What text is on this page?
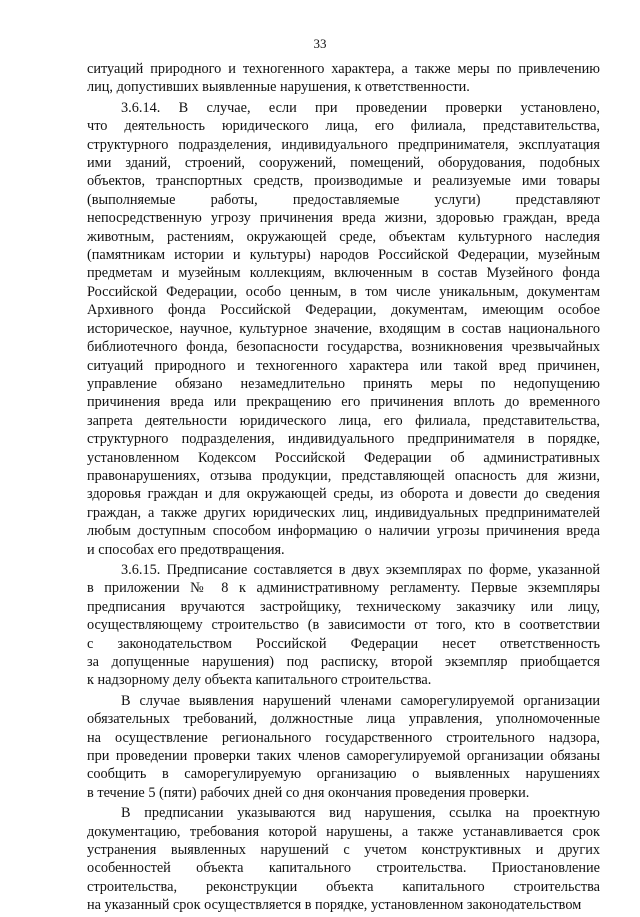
33
ситуаций природного и техногенного характера, а также меры по привлечению
лиц, допустивших выявленные нарушения, к ответственности.
3.6.14. В случае, если при проведении проверки установлено,
что деятельность юридического лица, его филиала, представительства,
структурного подразделения, индивидуального предпринимателя, эксплуатация
ими зданий, строений, сооружений, помещений, оборудования, подобных
объектов, транспортных средств, производимые и реализуемые ими товары
(выполняемые работы, предоставляемые услуги) представляют
непосредственную угрозу причинения вреда жизни, здоровью граждан, вреда
животным, растениям, окружающей среде, объектам культурного наследия
(памятникам истории и культуры) народов Российской Федерации, музейным
предметам и музейным коллекциям, включенным в состав Музейного фонда
Российской Федерации, особо ценным, в том числе уникальным, документам
Архивного фонда Российской Федерации, документам, имеющим особое
историческое, научное, культурное значение, входящим в состав национального
библиотечного фонда, безопасности государства, возникновения чрезвычайных
ситуаций природного и техногенного характера или такой вред причинен,
управление обязано незамедлительно принять меры по недопущению
причинения вреда или прекращению его причинения вплоть до временного
запрета деятельности юридического лица, его филиала, представительства,
структурного подразделения, индивидуального предпринимателя в порядке,
установленном Кодексом Российской Федерации об административных
правонарушениях, отзыва продукции, представляющей опасность для жизни,
здоровья граждан и для окружающей среды, из оборота и довести до сведения
граждан, а также других юридических лиц, индивидуальных предпринимателей
любым доступным способом информацию о наличии угрозы причинения вреда
и способах его предотвращения.
3.6.15. Предписание составляется в двух экземплярах по форме, указанной
в приложении № 8 к административному регламенту. Первые экземпляры
предписания вручаются застройщику, техническому заказчику или лицу,
осуществляющему строительство (в зависимости от того, кто в соответствии
с законодательством Российской Федерации несет ответственность
за допущенные нарушения) под расписку, второй экземпляр приобщается
к надзорному делу объекта капитального строительства.
В случае выявления нарушений членами саморегулируемой организации
обязательных требований, должностные лица управления, уполномоченные
на осуществление регионального государственного строительного надзора,
при проведении проверки таких членов саморегулируемой организации обязаны
сообщить в саморегулируемую организацию о выявленных нарушениях
в течение 5 (пяти) рабочих дней со дня окончания проведения проверки.
В предписании указываются вид нарушения, ссылка на проектную
документацию, требования которой нарушены, а также устанавливается срок
устранения выявленных нарушений с учетом конструктивных и других
особенностей объекта капитального строительства. Приостановление
строительства, реконструкции объекта капитального строительства
на указанный срок осуществляется в порядке, установленном законодательством
